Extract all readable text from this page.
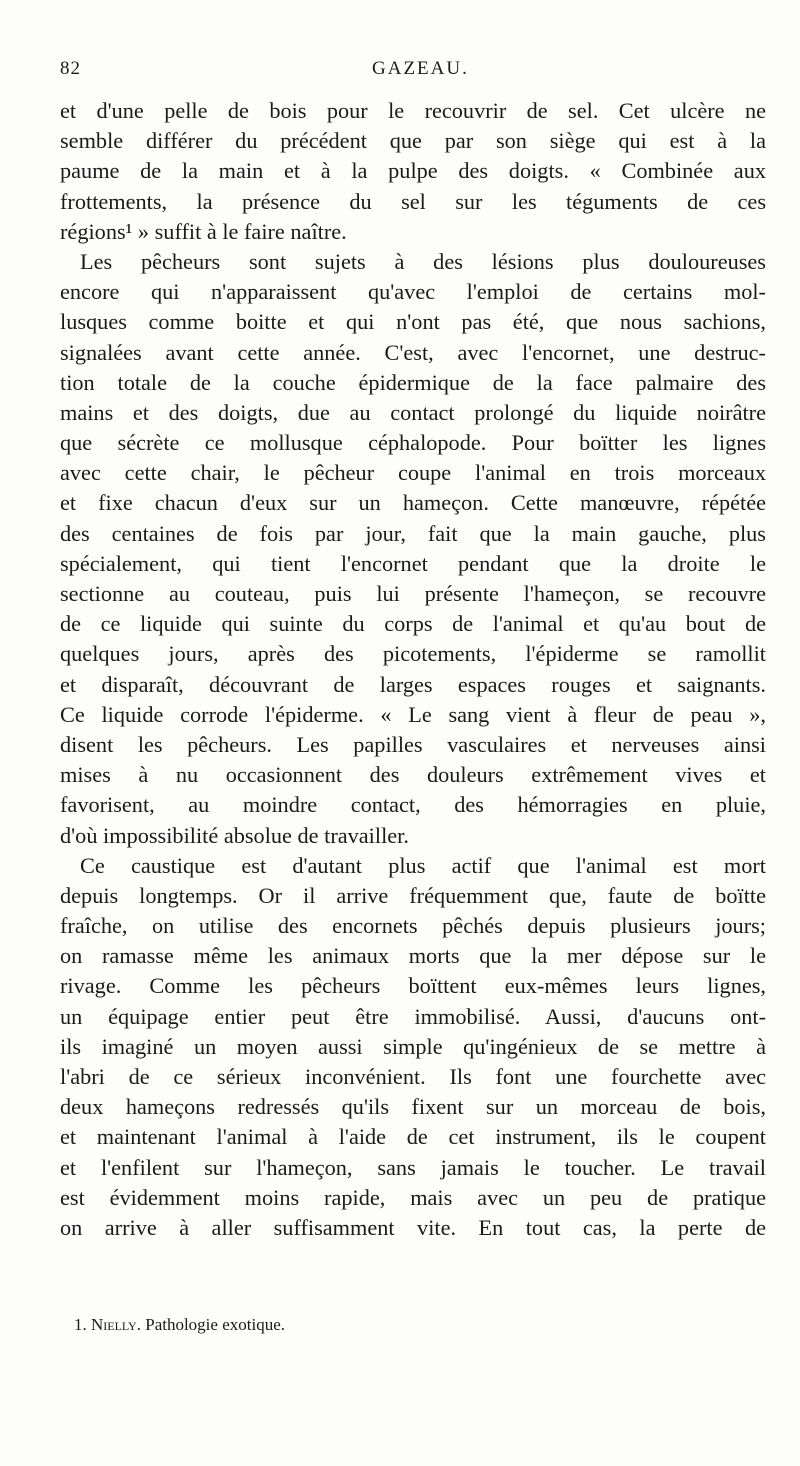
82	GAZEAU.
et d'une pelle de bois pour le recouvrir de sel. Cet ulcère ne
semble différer du précédent que par son siège qui est à la
paume de la main et à la pulpe des doigts. « Combinée aux
frottements, la présence du sel sur les téguments de ces
régions¹ » suffit à le faire naître.
Les pêcheurs sont sujets à des lésions plus douloureuses
encore qui n'apparaissent qu'avec l'emploi de certains mol-
lusques comme boitte et qui n'ont pas été, que nous sachions,
signalées avant cette année. C'est, avec l'encornet, une destruc-
tion totale de la couche épidermique de la face palmaire des
mains et des doigts, due au contact prolongé du liquide noirâtre
que sécrète ce mollusque céphalopode. Pour boïtter les lignes
avec cette chair, le pêcheur coupe l'animal en trois morceaux
et fixe chacun d'eux sur un hameçon. Cette manœuvre, répétée
des centaines de fois par jour, fait que la main gauche, plus
spécialement, qui tient l'encornet pendant que la droite le
sectionne au couteau, puis lui présente l'hameçon, se recouvre
de ce liquide qui suinte du corps de l'animal et qu'au bout de
quelques jours, après des picotements, l'épiderme se ramollit
et disparaît, découvrant de larges espaces rouges et saignants.
Ce liquide corrode l'épiderme. « Le sang vient à fleur de peau »,
disent les pêcheurs. Les papilles vasculaires et nerveuses ainsi
mises à nu occasionnent des douleurs extrêmement vives et
favorisent, au moindre contact, des hémorragies en pluie,
d'où impossibilité absolue de travailler.
Ce caustique est d'autant plus actif que l'animal est mort
depuis longtemps. Or il arrive fréquemment que, faute de boïtte
fraîche, on utilise des encornets pêchés depuis plusieurs jours;
on ramasse même les animaux morts que la mer dépose sur le
rivage. Comme les pêcheurs boïttent eux-mêmes leurs lignes,
un équipage entier peut être immobilisé. Aussi, d'aucuns ont-
ils imaginé un moyen aussi simple qu'ingénieux de se mettre à
l'abri de ce sérieux inconvénient. Ils font une fourchette avec
deux hameçons redressés qu'ils fixent sur un morceau de bois,
et maintenant l'animal à l'aide de cet instrument, ils le coupent
et l'enfilent sur l'hameçon, sans jamais le toucher. Le travail
est évidemment moins rapide, mais avec un peu de pratique
on arrive à aller suffisamment vite. En tout cas, la perte de
1. Nielly. Pathologie exotique.
